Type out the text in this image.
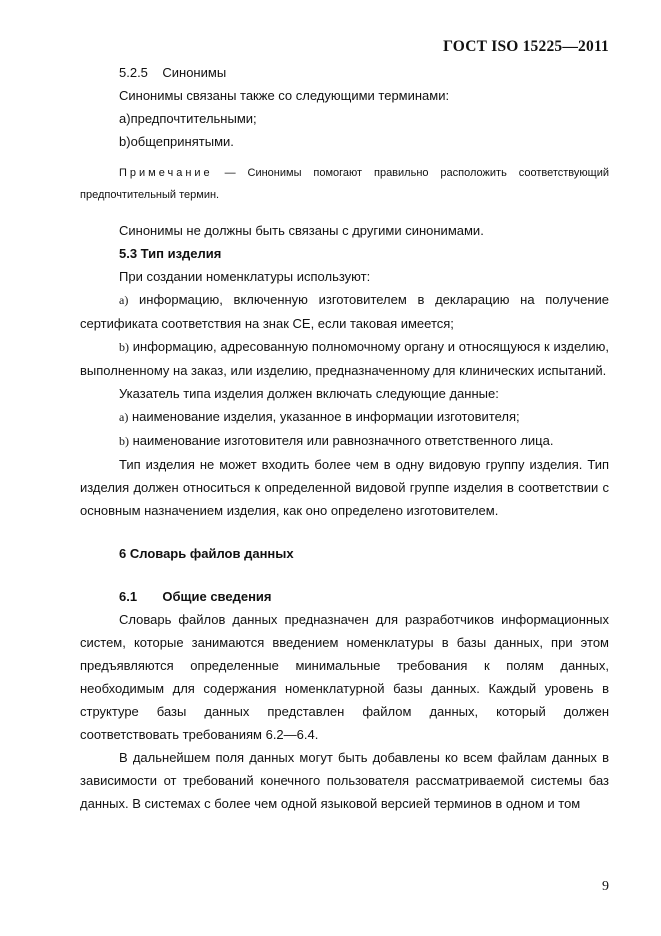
ГОСТ ISO 15225—2011

5.2.5 Синонимы

Синонимы связаны также со следующими терминами:

a)предпочтительными;

b)общепринятыми.

Примечание — Синонимы помогают правильно расположить соответствующий предпочтительный термин.

Синонимы не должны быть связаны с другими синонимами.

5.3 Тип изделия

При создании номенклатуры используют:

a) информацию, включенную изготовителем в декларацию на получение сертификата соответствия на знак СЕ, если таковая имеется;

b) информацию, адресованную полномочному органу и относящуюся к изделию, выполненному на заказ, или изделию, предназначенному для клинических испытаний.

Указатель типа изделия должен включать следующие данные:

a) наименование изделия, указанное в информации изготовителя;

b) наименование изготовителя или равнозначного ответственного лица.

Тип изделия не может входить более чем в одну видовую группу изделия. Тип изделия должен относиться к определенной видовой группе изделия в соответствии с основным назначением изделия, как оно определено изготовителем.

6 Словарь файлов данных

6.1 Общие сведения

Словарь файлов данных предназначен для разработчиков информационных систем, которые занимаются введением номенклатуры в базы данных, при этом предъявляются определенные минимальные требования к полям данных, необходимым для содержания номенклатурной базы данных. Каждый уровень в структуре базы данных представлен файлом данных, который должен соответствовать требованиям 6.2—6.4.

В дальнейшем поля данных могут быть добавлены ко всем файлам данных в зависимости от требований конечного пользователя рассматриваемой системы баз данных. В системах с более чем одной языковой версией терминов в одном и том

9
